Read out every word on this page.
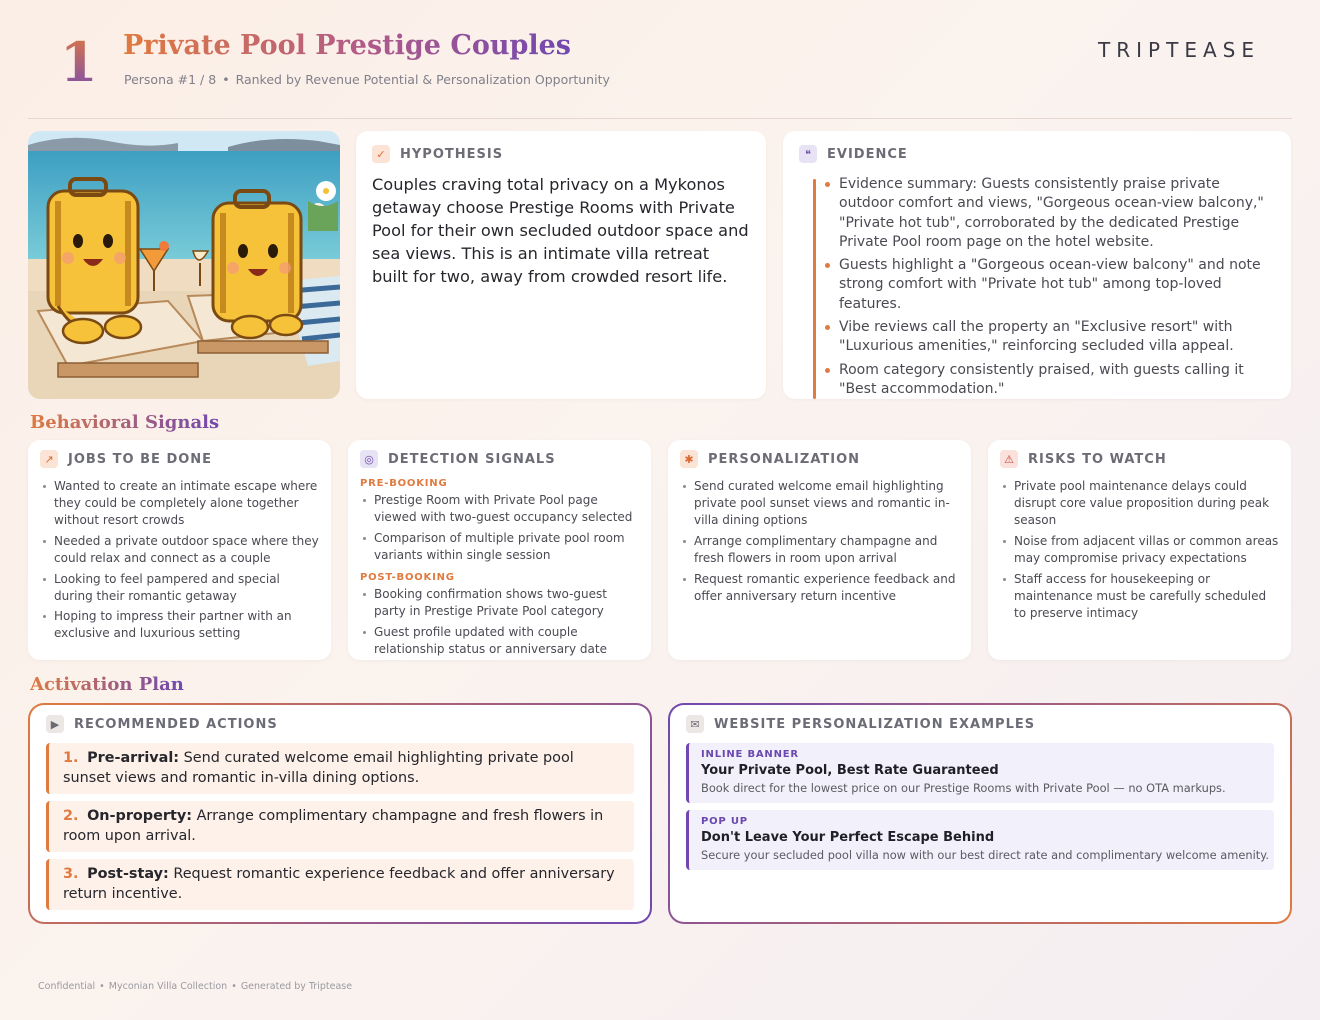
1 Private Pool Prestige Couples
Persona #1 / 8 • Ranked by Revenue Potential & Personalization Opportunity
TRIPTEASE
✓	HYPOTHESIS

Couples craving total privacy on a Mykonos getaway choose Prestige Rooms with Private Pool for their own secluded outdoor space and sea views. This is an intimate villa retreat built for two, away from crowded resort life.

❝	EVIDENCE
Evidence summary: Guests consistently praise private outdoor comfort and views, "Gorgeous ocean-view balcony," "Private hot tub", corroborated by the dedicated Prestige Private Pool room page on the hotel website.
Guests highlight a "Gorgeous ocean-view balcony" and note strong comfort with "Private hot tub" among top-loved features.
Vibe reviews call the property an "Exclusive resort" with "Luxurious amenities," reinforcing secluded villa appeal.
Room category consistently praised, with guests calling it "Best accommodation."
Behavioral Signals
↗	JOBS TO BE DONE
Wanted to create an intimate escape where they could be completely alone together without resort crowds
Needed a private outdoor space where they could relax and connect as a couple
Looking to feel pampered and special during their romantic getaway
Hoping to impress their partner with an exclusive and luxurious setting
◎	DETECTION SIGNALS
PRE-BOOKING
Prestige Room with Private Pool page viewed with two-guest occupancy selected
Comparison of multiple private pool room variants within single session
POST-BOOKING
Booking confirmation shows two-guest party in Prestige Private Pool category
Guest profile updated with couple relationship status or anniversary date
✱	PERSONALIZATION
Send curated welcome email highlighting private pool sunset views and romantic in-villa dining options
Arrange complimentary champagne and fresh flowers in room upon arrival
Request romantic experience feedback and offer anniversary return incentive
⚠	RISKS TO WATCH
Private pool maintenance delays could disrupt core value proposition during peak season
Noise from adjacent villas or common areas may compromise privacy expectations
Staff access for housekeeping or maintenance must be carefully scheduled to preserve intimacy
Activation Plan
▶	RECOMMENDED ACTIONS
1. Pre-arrival: Send curated welcome email highlighting private pool sunset views and romantic in-villa dining options.
2. On-property: Arrange complimentary champagne and fresh flowers in room upon arrival.
3. Post-stay: Request romantic experience feedback and offer anniversary return incentive.
✉	WEBSITE PERSONALIZATION EXAMPLES
INLINE BANNER
Your Private Pool, Best Rate Guaranteed
Book direct for the lowest price on our Prestige Rooms with Private Pool — no OTA markups.
POP UP
Don't Leave Your Perfect Escape Behind
Secure your secluded pool villa now with our best direct rate and complimentary welcome amenity.
Confidential • Myconian Villa Collection • Generated by Triptease
